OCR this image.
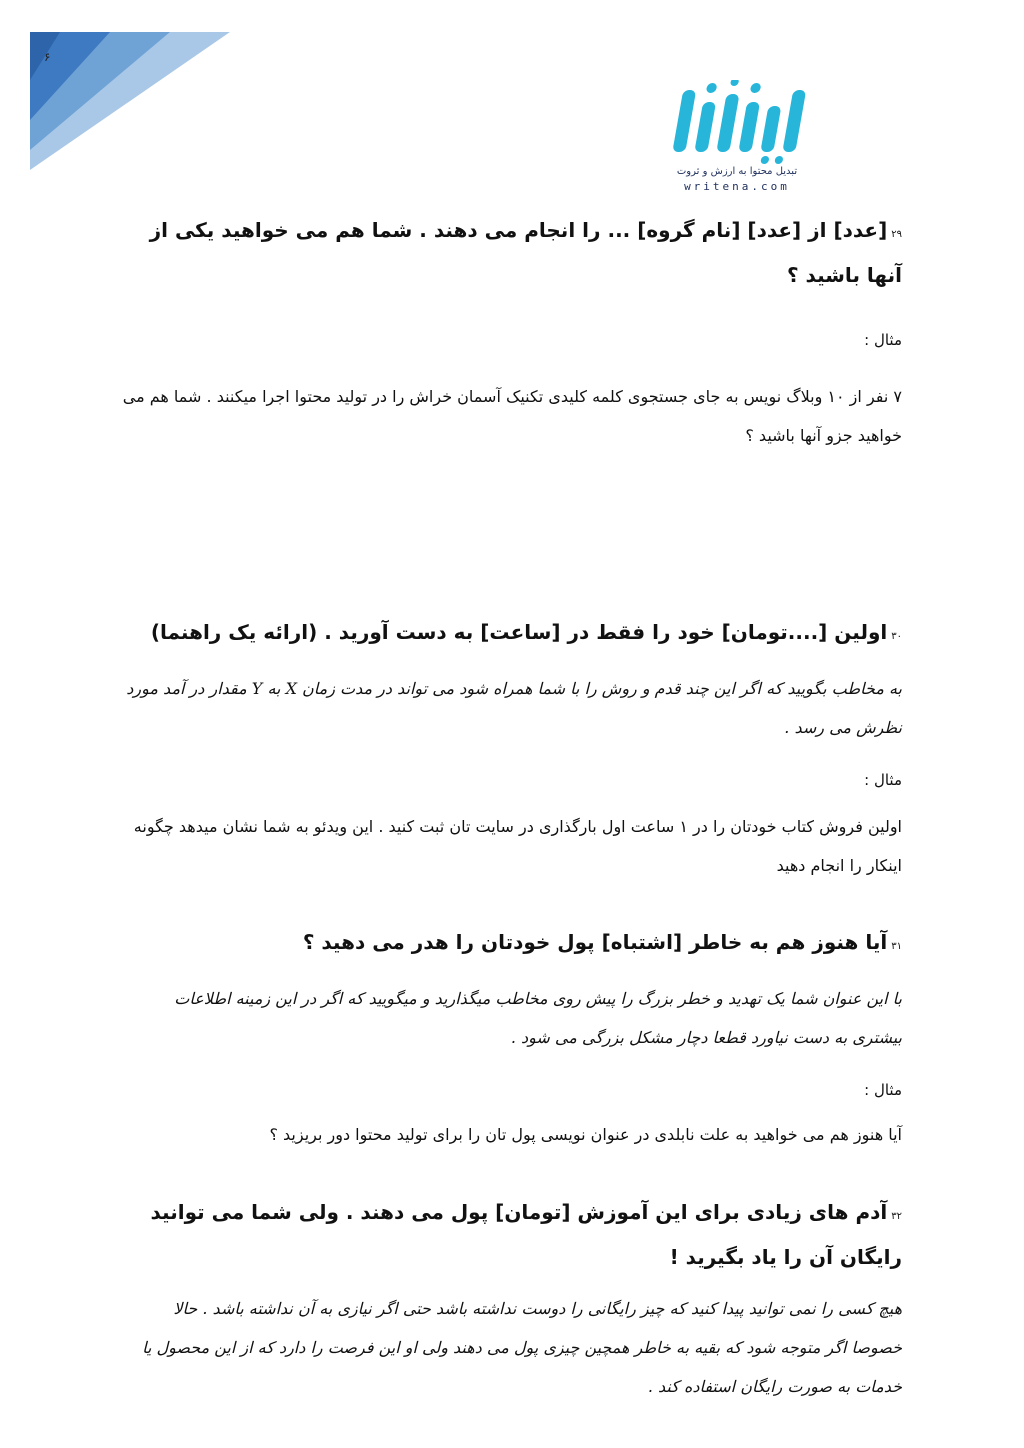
۶
تبدیل محتوا به ارزش و ثروت
writena.com

۲۹[عدد] از [عدد] [نام گروه] ... را انجام می دهند . شما هم می خواهید یکی از آنها باشید ؟

مثال :

۷ نفر از ۱۰ وبلاگ نویس به جای جستجوی کلمه کلیدی تکنیک آسمان خراش را در تولید محتوا اجرا میکنند . شما هم می خواهید جزو آنها باشید ؟

۳۰اولین [....تومان] خود را فقط در [ساعت] به دست آورید . (ارائه یک راهنما)

به مخاطب بگویید که اگر این چند قدم و روش را با شما همراه شود می تواند در مدت زمان X به Y مقدار در آمد مورد نظرش می رسد .

مثال :

اولین فروش کتاب خودتان را در ۱ ساعت اول بارگذاری در سایت تان ثبت کنید . این ویدئو به شما نشان میدهد چگونه اینکار را انجام دهید

۳۱آیا هنوز هم به خاطر [اشتباه] پول خودتان را هدر می دهید ؟

با این عنوان شما یک تهدید و خطر بزرگ را پیش روی مخاطب میگذارید و میگویید که اگر در این زمینه اطلاعات بیشتری به دست نیاورد قطعا دچار مشکل بزرگی می شود .

مثال :

آیا هنوز هم می خواهید به علت نابلدی در عنوان نویسی پول تان را برای تولید محتوا دور بریزید ؟

۳۲آدم های زیادی برای این آموزش [تومان] پول می دهند . ولی شما می توانید رایگان آن را یاد بگیرید !

هیچ کسی را نمی توانید پیدا کنید که چیز رایگانی را دوست نداشته باشد حتی اگر نیازی به آن نداشته باشد . حالا خصوصا اگر متوجه شود که بقیه به خاطر همچین چیزی پول می دهند ولی او این فرصت را دارد که از این محصول یا خدمات به صورت رایگان استفاده کند .
